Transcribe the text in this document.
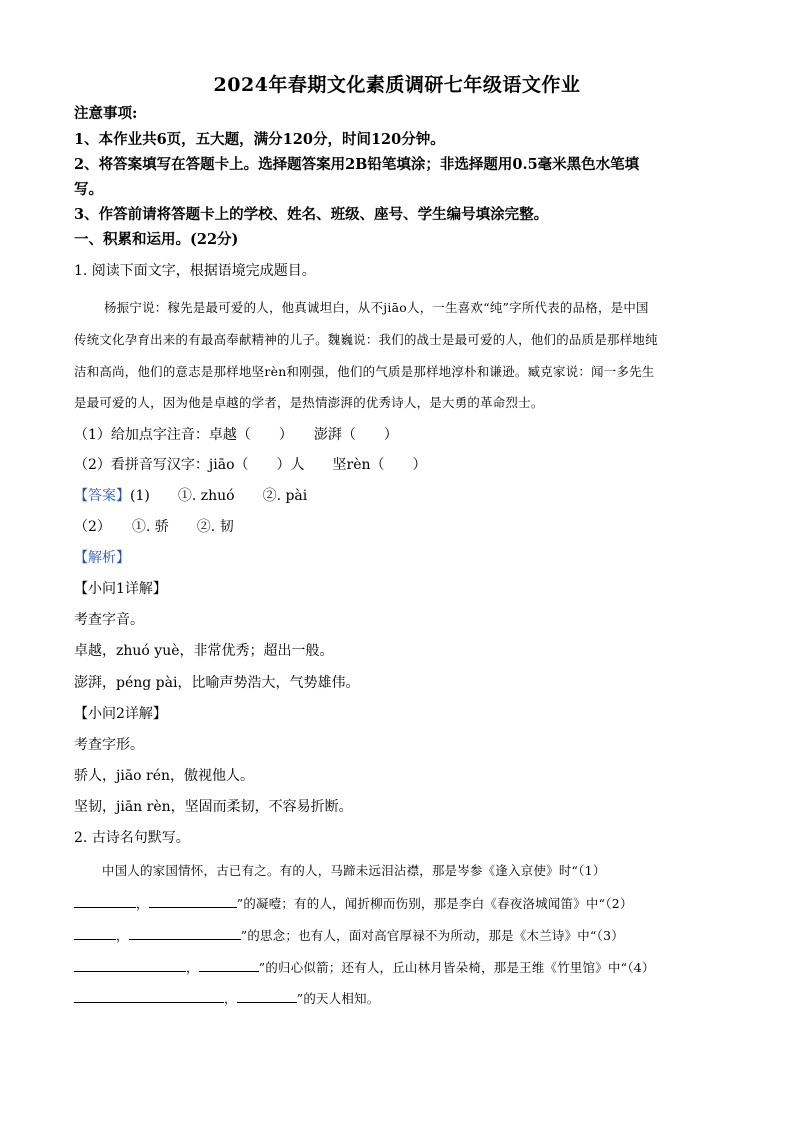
2024年春期文化素质调研七年级语文作业
注意事项:
1、本作业共6页，五大题，满分120分，时间120分钟。
2、将答案填写在答题卡上。选择题答案用2B铅笔填涂；非选择题用0.5毫米黑色水笔填
写。
3、作答前请将答题卡上的学校、姓名、班级、座号、学生编号填涂完整。
一、积累和运用。(22分)
1. 阅读下面文字，根据语境完成题目。
杨振宁说：稼先是最可爱的人，他真诚坦白，从不jiāo人，一生喜欢“纯”字所代表的品格，是中国
传统文化孕育出来的有最高奉献精神的儿子。魏巍说：我们的战士是最可爱的人，他们的品质是那样地纯
洁和高尚，他们的意志是那样地坚rèn和刚强，他们的气质是那样地淳朴和谦逊。臧克家说：闻一多先生
是最可爱的人，因为他是卓越的学者，是热情澎湃的优秀诗人，是大勇的革命烈士。
（1）给加点字注音：卓越（　　）　　澎湃（　　）
（2）看拼音写汉字：jiāo（　　）人　　坚rèn（　　）
【答案】(1)　　①. zhuó　　②. pài
（2）　　①. 骄　　②. 韧
【解析】
【小问1详解】
考查字音。
卓越，zhuó yuè，非常优秀；超出一般。
澎湃，péng pài，比喻声势浩大，气势雄伟。
【小问2详解】
考查字形。
骄人，jiāo rén，傲视他人。
坚韧，jiān rèn，坚固而柔韧，不容易折断。
2. 古诗名句默写。
中国人的家国情怀，古已有之。有的人，马蹄未远泪沾襟，那是岑参《逢入京使》时“（1）
，	”的凝噎；有的人，闻折柳而伤别，那是李白《春夜洛城闻笛》中“（2）
，	”的思念；也有人，面对高官厚禄不为所动，那是《木兰诗》中“（3）
，	”的归心似箭；还有人，丘山林月皆朵椅，那是王维《竹里馆》中“（4）
，	”的天人相知。
